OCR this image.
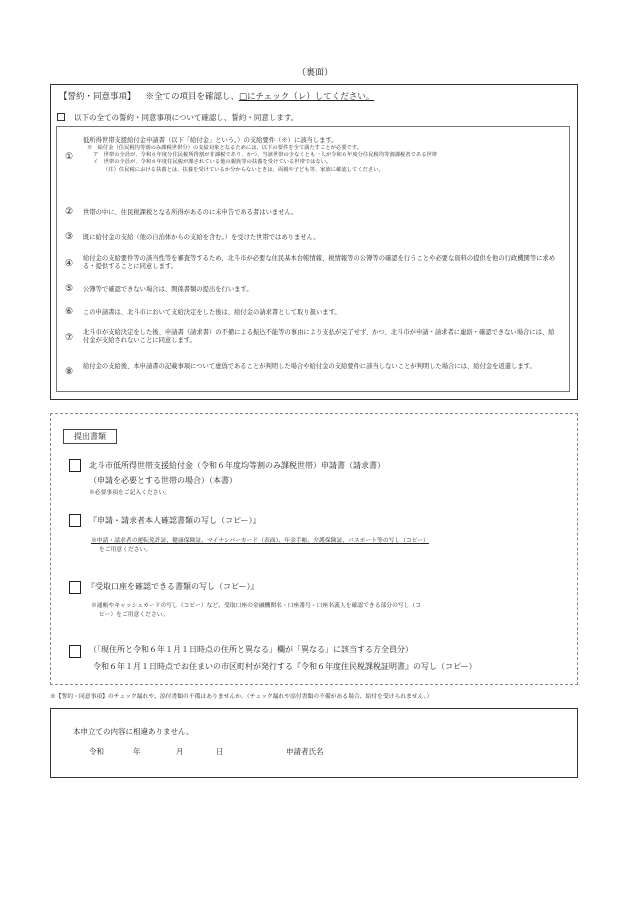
（裏面）
【誓約・同意事項】 ※全ての項目を確認し、□にチェック（レ）してください。
以下の全ての誓約・同意事項について確認し、誓約・同意します。
①
低所得世帯支援給付金申請書（以下「給付金」という。）の支給要件（※）に該当します。
※　給付金（住民税均等割のみ課税世帯分）の支給対象となるためには、以下の要件を全て満たすことが必要です。
ア　世帯の全員が、令和６年度分住民税所得割が非課税であり、かつ、当該世帯の少なくとも一人が令和６年度分住民税均等割課税者である世帯
イ　世帯の全員が、令和６年度住民税が課されている他の親族等の扶養を受けている世帯ではない。
（注）住民税における扶養とは、扶養を受けているか分からないときは、両親や子ども等、家族に確認してください。
② 世帯の中に、住民税課税となる所得があるのに未申告である者はいません。
③ 既に給付金の支給（他の自治体からの支給を含む。）を受けた世帯ではありません。
④
給付金の支給要件等の該当性等を審査等するため、北斗市が必要な住民基本台帳情報、税情報等の公簿等の確認を行うことや必要な資料の提供を他の行政機関等に求める・提供することに同意します。
⑤ 公簿等で確認できない場合は、関係書類の提出を行います。
⑥ この申請書は、北斗市において支給決定をした後は、給付金の請求書として取り扱います。
⑦
北斗市が支給決定をした後、申請書（請求書）の不備による振込不能等の事由により支払が完了せず、かつ、北斗市が申請・請求者に連絡・確認できない場合には、給付金が支給されないことに同意します。
⑧
給付金の支給後、本申請書の記載事項について虚偽であることが判明した場合や給付金の支給要件に該当しないことが判明した場合には、給付金を返還します。
提出書類
北斗市低所得世帯支援給付金（令和６年度均等割のみ課税世帯）申請書（請求書）
（申請を必要とする世帯の場合）（本書）
※必要事項をご記入ください。
『申請・請求者本人確認書類の写し（コピー）』
※申請・請求者の運転免許証、健康保険証、マイナンバーカード（表面）、年金手帳、介護保険証、パスポート等の写し（コピー）
をご用意ください。
『受取口座を確認できる書類の写し（コピー）』
※通帳やキャッシュカードの写し（コピー）など、受取口座の金融機関名・口座番号・口座名義人を確認できる部分の写し（コ
ピー）をご用意ください。
（「現住所と令和６年１月１日時点の住所と異なる」欄が「異なる」に該当する方全員分）
令和６年１月１日時点でお住まいの市区町村が発行する『令和６年度住民税課税証明書』の写し（コピー）
※【誓約・同意事項】のチェック漏れや、添付書類の不備はありませんか。（チェック漏れや添付書類の不備がある場合、給付を受けられません。）
本申立ての内容に相違ありません。
令和	年	月	日	申請者氏名
